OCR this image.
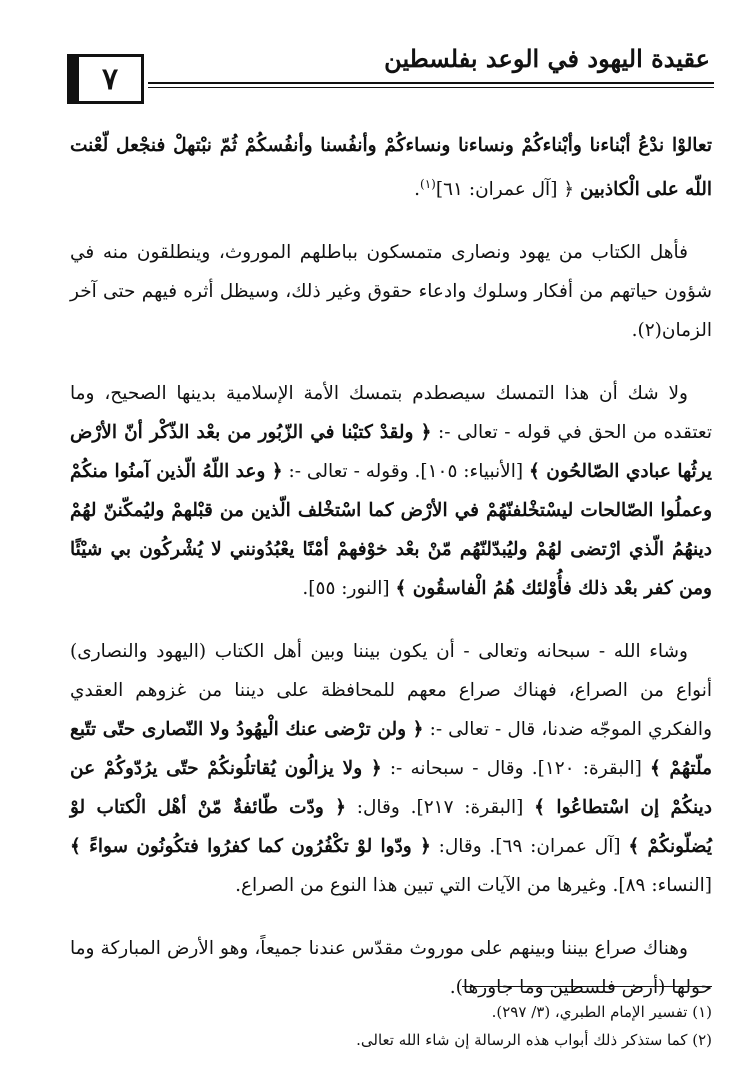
٧
عقيدة اليهود في الوعد بفلسطين

تعالوْا ندْعُ أبْناءنا وأبْناءكُمْ ونساءنا ونساءكُمْ وأنفُسنا وأنفُسكُمْ ثُمّ نبْتهلْ فنجْعل لّعْنت اللّه على الْكاذبين ﴿ [آل عمران: ٦١]$^{(١)}$.

فأهل الكتاب من يهود ونصارى متمسكون بباطلهم الموروث، وينطلقون منه في شؤون حياتهم من أفكار وسلوك وادعاء حقوق وغير ذلك، وسيظل أثره فيهم حتى آخر الزمان(٢).

ولا شك أن هذا التمسك سيصطدم بتمسك الأمة الإسلامية بدينها الصحيح، وما تعتقده من الحق في قوله - تعالى -: ﴿ ولقدْ كتبْنا في الزّبُور من بعْد الذّكْر أنّ الأرْض يرثُها عبادي الصّالحُون ﴾ [الأنبياء: ١٠٥]. وقوله - تعالى -: ﴿ وعد اللّهُ الّذين آمنُوا منكُمْ وعملُوا الصّالحات ليسْتخْلفنّهُمْ في الأرْض كما اسْتخْلف الّذين من قبْلهمْ وليُمكّننّ لهُمْ دينهُمُ الّذي ارْتضى لهُمْ وليُبدّلنّهُم مّنْ بعْد خوْفهمْ أمْنًا يعْبُدُونني لا يُشْركُون بي شيْئًا ومن كفر بعْد ذلك فأُوْلئك هُمُ الْفاسقُون ﴾ [النور: ٥٥].

وشاء الله - سبحانه وتعالى - أن يكون بيننا وبين أهل الكتاب (اليهود والنصارى) أنواع من الصراع، فهناك صراع معهم للمحافظة على ديننا من غزوهم العقدي والفكري الموجّه ضدنا، قال - تعالى -: ﴿ ولن ترْضى عنك الْيهُودُ ولا النّصارى حتّى تتّبع ملّتهُمْ ﴾ [البقرة: ١٢٠]. وقال - سبحانه -: ﴿ ولا يزالُون يُقاتلُونكُمْ حتّى يرُدّوكُمْ عن دينكُمْ إن اسْتطاعُوا ﴾ [البقرة: ٢١٧]. وقال: ﴿ ودّت طّائفةٌ مّنْ أهْل الْكتاب لوْ يُضلّونكُمْ ﴾ [آل عمران: ٦٩]. وقال: ﴿ ودّوا لوْ تكْفُرُون كما كفرُوا فتكُونُون سواءً ﴾ [النساء: ٨٩]. وغيرها من الآيات التي تبين هذا النوع من الصراع.

وهناك صراع بيننا وبينهم على موروث مقدّس عندنا جميعاً، وهو الأرض المباركة وما حولها (أرض فلسطين وما جاورها).

(١) تفسير الإمام الطبري، (٣/ ٢٩٧).
(٢) كما ستذكر ذلك أبواب هذه الرسالة إن شاء الله تعالى.
